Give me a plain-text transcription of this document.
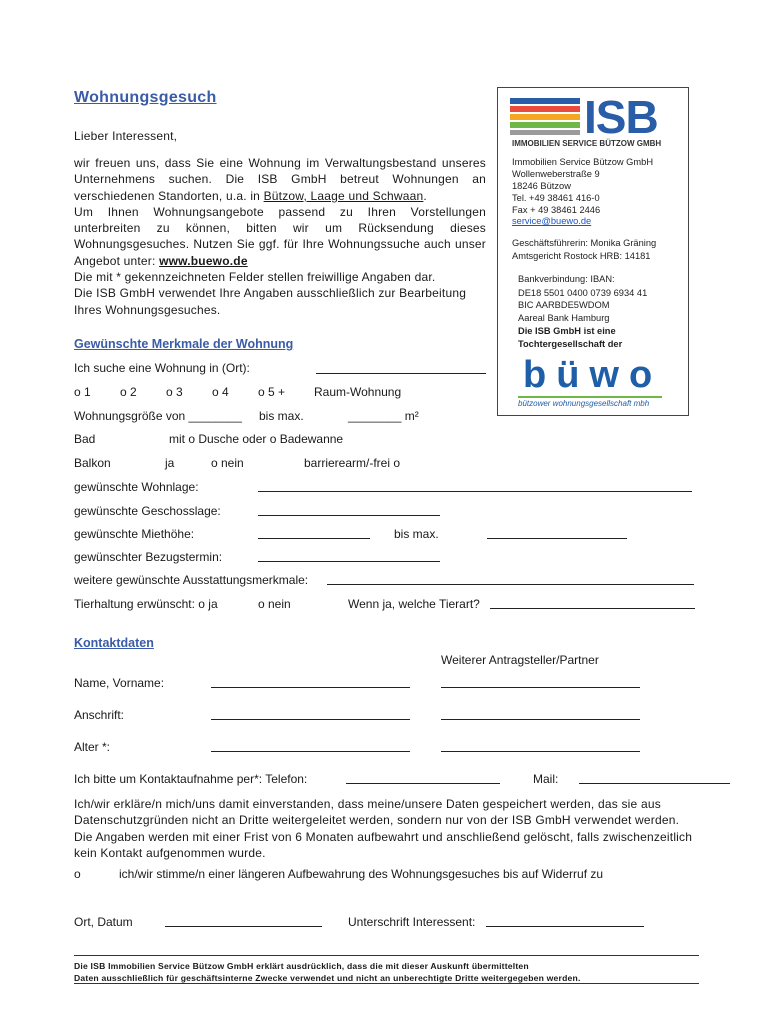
Wohnungsgesuch
Lieber Interessent,

wir freuen uns, dass Sie eine Wohnung im Verwaltungsbestand unseres Unternehmens suchen. Die ISB GmbH betreut Wohnungen an verschiedenen Standorten, u.a. in Bützow, Laage und Schwaan.

Um Ihnen Wohnungsangebote passend zu Ihren Vorstellungen unterbreiten zu können, bitten wir um Rücksendung dieses Wohnungsgesuches. Nutzen Sie ggf. für Ihre Wohnungssuche auch unser Angebot unter: www.buewo.de

Die mit * gekennzeichneten Felder stellen freiwillige Angaben dar.

Die ISB GmbH verwendet Ihre Angaben ausschließlich zur Bearbeitung Ihres Wohnungsgesuches.

ISB
IMMOBILIEN SERVICE BÜTZOW GMBH
Immobilien Service Bützow GmbH
Wollenweberstraße 9
18246 Bützow
Tel. +49 38461 416-0
Fax + 49 38461 2446
service@buewo.de
Geschäftsführerin: Monika Gräning
Amtsgericht Rostock HRB: 14181
Bankverbindung: IBAN:
DE18 5501 0400 0739 6934 41
BIC AARBDE5WDOM
Aareal Bank Hamburg
Die ISB GmbH ist eine
Tochtergesellschaft der
büwo
bützower wohnungsgesellschaft mbh
Gewünschte Merkmale der Wohnung
Ich suche eine Wohnung in (Ort):
o 1 o 2 o 3 o 4 o 5 + Raum-Wohnung
Wohnungsgröße von ________ bis max.	________ m²
Bad	mit o Dusche oder o Badewanne
Balkon	ja	o nein	barrierearm/-frei o
gewünschte Wohnlage:
gewünschte Geschosslage:
gewünschte Miethöhe:	bis max.
gewünschter Bezugstermin:
weitere gewünschte Ausstattungsmerkmale:
Tierhaltung erwünscht: o ja	o nein	Wenn ja, welche Tierart?
Kontaktdaten
Weiterer Antragsteller/Partner
Name, Vorname:
Anschrift:
Alter *:
Ich bitte um Kontaktaufnahme per*: Telefon:	Mail:
Ich/wir erkläre/n mich/uns damit einverstanden, dass meine/unsere Daten gespeichert werden, das sie aus Datenschutzgründen nicht an Dritte weitergeleitet werden, sondern nur von der ISB GmbH verwendet werden. Die Angaben werden mit einer Frist von 6 Monaten aufbewahrt und anschließend gelöscht, falls zwischenzeitlich kein Kontakt aufgenommen wurde.
o	ich/wir stimme/n einer längeren Aufbewahrung des Wohnungsgesuches bis auf Widerruf zu
Ort, Datum	Unterschrift Interessent:
Die ISB Immobilien Service Bützow GmbH erklärt ausdrücklich, dass die mit dieser Auskunft übermittelten
Daten ausschließlich für geschäftsinterne Zwecke verwendet und nicht an unberechtigte Dritte weitergegeben werden.
